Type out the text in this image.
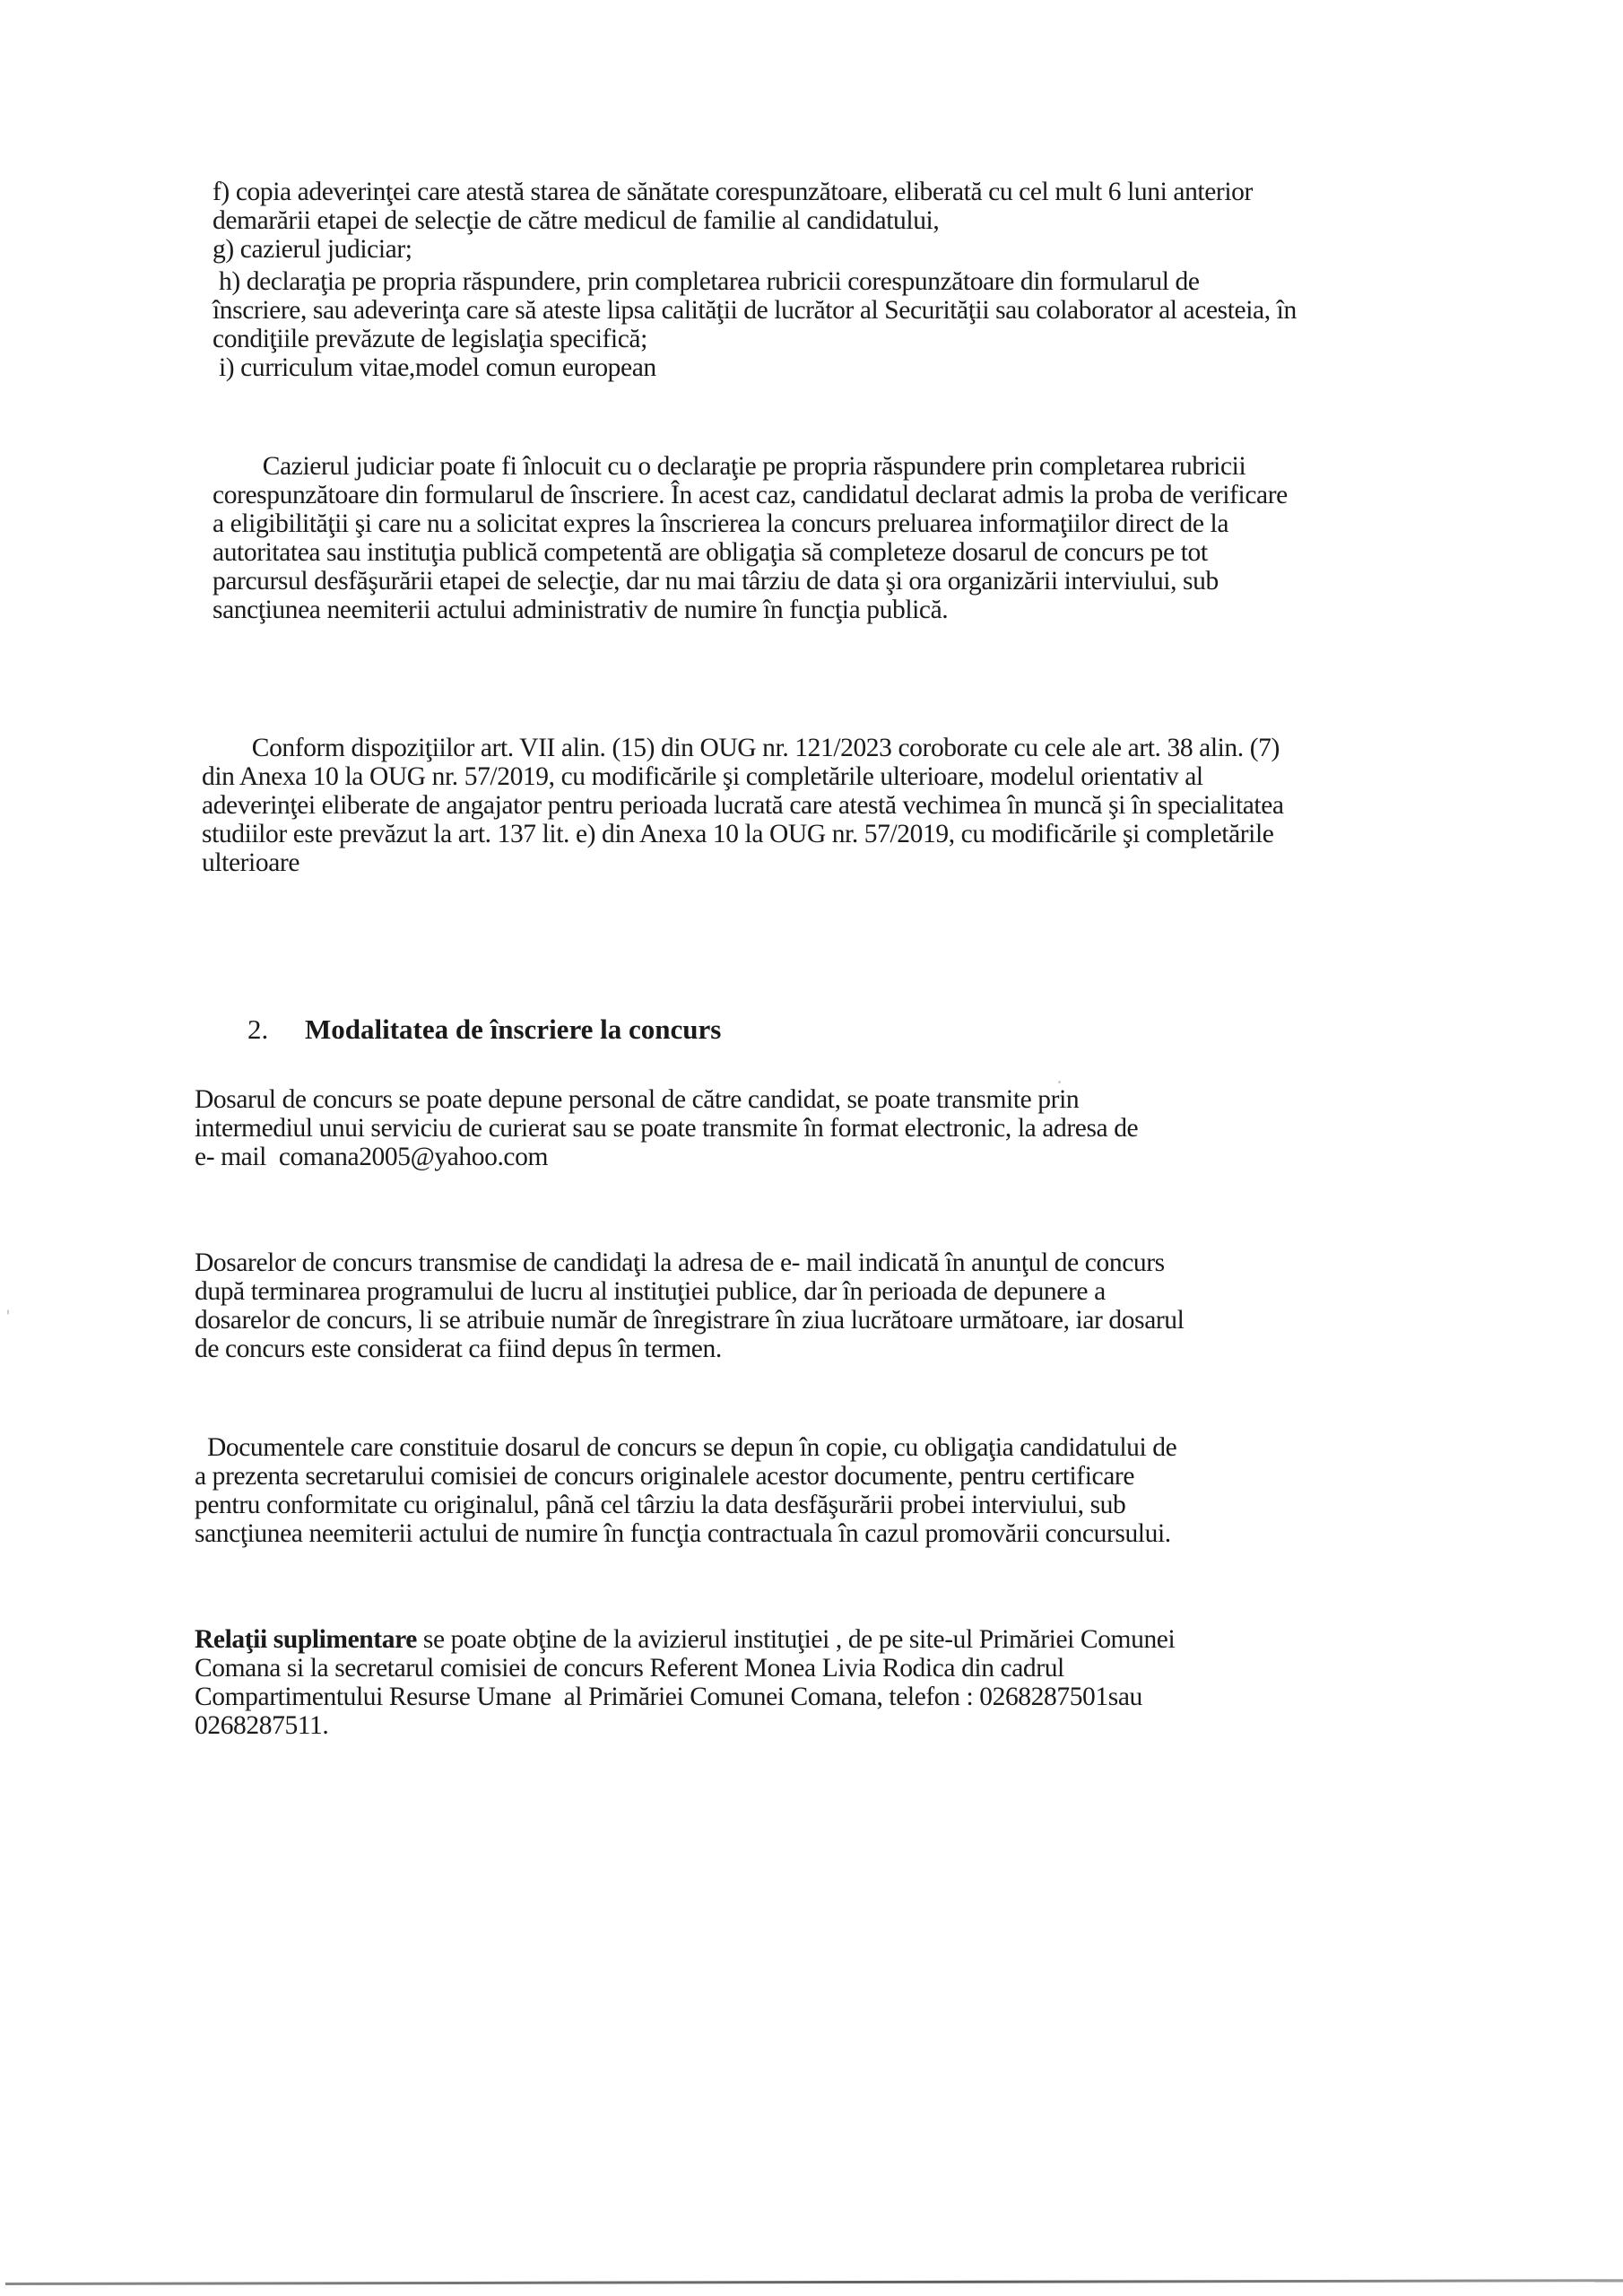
f) copia adeverinţei care atestă starea de sănătate corespunzătoare, eliberată cu cel mult 6 luni anterior
demarării etapei de selecţie de către medicul de familie al candidatului,
g) cazierul judiciar;
h) declaraţia pe propria răspundere, prin completarea rubricii corespunzătoare din formularul de
înscriere, sau adeverinţa care să ateste lipsa calităţii de lucrător al Securităţii sau colaborator al acesteia, în
condiţiile prevăzute de legislaţia specifică;
i) curriculum vitae,model comun european
Cazierul judiciar poate fi înlocuit cu o declaraţie pe propria răspundere prin completarea rubricii
corespunzătoare din formularul de înscriere. În acest caz, candidatul declarat admis la proba de verificare
a eligibilităţii şi care nu a solicitat expres la înscrierea la concurs preluarea informaţiilor direct de la
autoritatea sau instituţia publică competentă are obligaţia să completeze dosarul de concurs pe tot
parcursul desfăşurării etapei de selecţie, dar nu mai târziu de data şi ora organizării interviului, sub
sancţiunea neemiterii actului administrativ de numire în funcţia publică.
Conform dispoziţiilor art. VII alin. (15) din OUG nr. 121/2023 coroborate cu cele ale art. 38 alin. (7)
din Anexa 10 la OUG nr. 57/2019, cu modificările şi completările ulterioare, modelul orientativ al
adeverinţei eliberate de angajator pentru perioada lucrată care atestă vechimea în muncă şi în specialitatea
studiilor este prevăzut la art. 137 lit. e) din Anexa 10 la OUG nr. 57/2019, cu modificările şi completările
ulterioare
2. Modalitatea de înscriere la concurs
Dosarul de concurs se poate depune personal de către candidat, se poate transmite prin
intermediul unui serviciu de curierat sau se poate transmite în format electronic, la adresa de
e- mail  comana2005@yahoo.com
Dosarelor de concurs transmise de candidaţi la adresa de e- mail indicată în anunţul de concurs
după terminarea programului de lucru al instituţiei publice, dar în perioada de depunere a
dosarelor de concurs, li se atribuie număr de înregistrare în ziua lucrătoare următoare, iar dosarul
de concurs este considerat ca fiind depus în termen.
Documentele care constituie dosarul de concurs se depun în copie, cu obligaţia candidatului de
a prezenta secretarului comisiei de concurs originalele acestor documente, pentru certificare
pentru conformitate cu originalul, până cel târziu la data desfăşurării probei interviului, sub
sancţiunea neemiterii actului de numire în funcţia contractuala în cazul promovării concursului.
Relaţii suplimentare se poate obţine de la avizierul instituţiei , de pe site-ul Primăriei Comunei
Comana si la secretarul comisiei de concurs Referent Monea Livia Rodica din cadrul
Compartimentului Resurse Umane  al Primăriei Comunei Comana, telefon : 0268287501sau
0268287511.
